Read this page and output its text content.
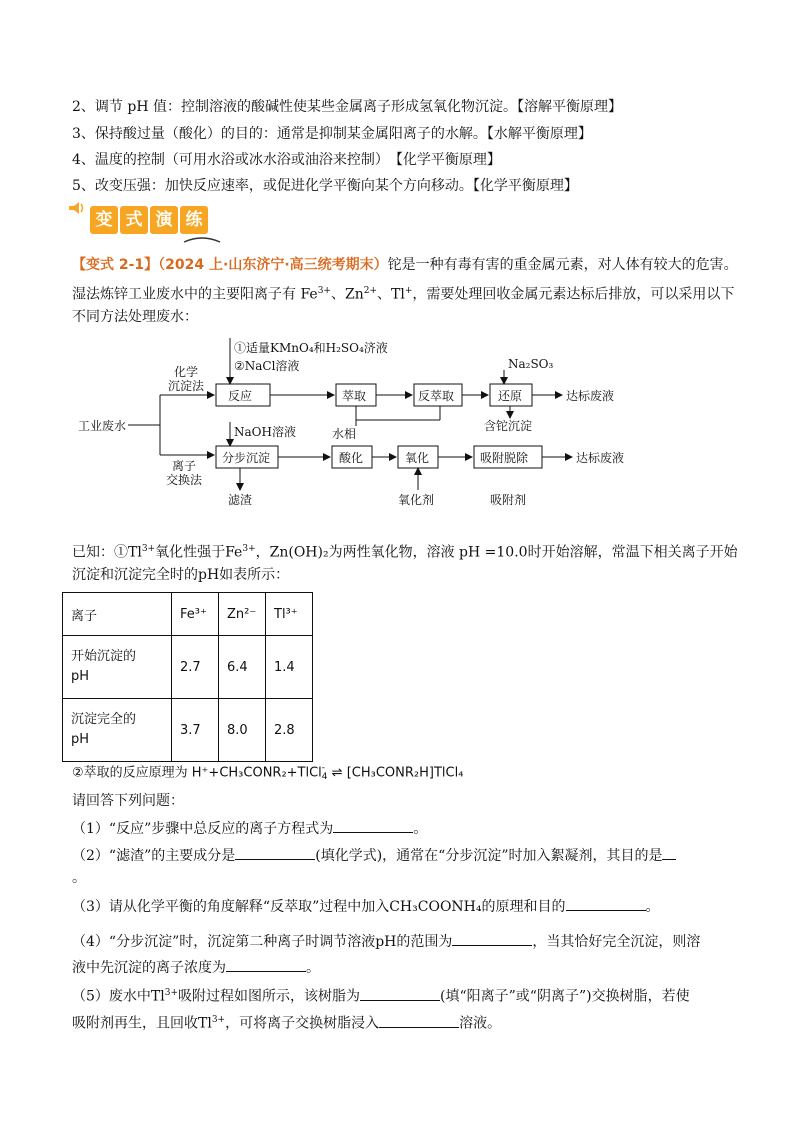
2、调节 pH 值：控制溶液的酸碱性使某些金属离子形成氢氧化物沉淀。【溶解平衡原理】
3、保持酸过量（酸化）的目的：通常是抑制某金属阳离子的水解。【水解平衡原理】
4、温度的控制（可用水浴或冰水浴或油浴来控制）　【化学平衡原理】
5、改变压强：加快反应速率，或促进化学平衡向某个方向移动。【化学平衡原理】
变 式 演 练
【变式 2-1】（2024 上·山东济宁·高三统考期末）铊是一种有毒有害的重金属元素，对人体有较大的危害。
湿法炼锌工业废水中的主要阳离子有 $Fe^{3+}$、$Zn^{2+}$、Tl+，需要处理回收金属元素达标后排放，可以采用以下
不同方法处理废水：
①适量KMnO₄和H₂SO₄济液
②NaCl溶液
化学
沉淀法
反应	萃取	反萃取
Na₂SO₃
还原	达标废液
水相
含铊沉淀
工业废水	NaOH溶液
离子
交换法
分步沉淀	酸化	氧化	吸附脱除	达标废液
滤渣	氧化剂	吸附剂
已知：$①Tl^{3+}$氧化性强于$Fe^{3+}$，Zn(OH)₂为两性氧化物，溶液 pH =10.0时开始溶解，常温下相关离子开始
沉淀和沉淀完全时的pH如表所示：
离子	Fe³⁺	Zn²⁻	Tl³⁺
开始沉淀的
pH	2.7	6.4	1.4
沉淀完全的
pH	3.7	8.0	2.8
②萃取的反应原理为 H⁺+CH₃CONR₂+TlCl-
4 ⇌ [CH₃CONR₂H]TlCl₄
请回答下列问题：
（1）“反应”步骤中总反应的离子方程式为	。
（2）“滤渣”的主要成分是	(填化学式)，通常在“分步沉淀”时加入絮凝剂，其目的是
。
（3）请从化学平衡的角度解释“反萃取”过程中加入CH₃COONH₄的原理和目的	。
（4）“分步沉淀”时，沉淀第二种离子时调节溶液pH的范围为	，当其恰好完全沉淀，则溶
液中先沉淀的离子浓度为	。
（5）废水中$Tl^{3+}$吸附过程如图所示，该树脂为	(填“阳离子”或“阴离子”)交换树脂，若使
吸附剂再生，且回收$Tl^{3+}$，可将离子交换树脂浸入	溶液。
